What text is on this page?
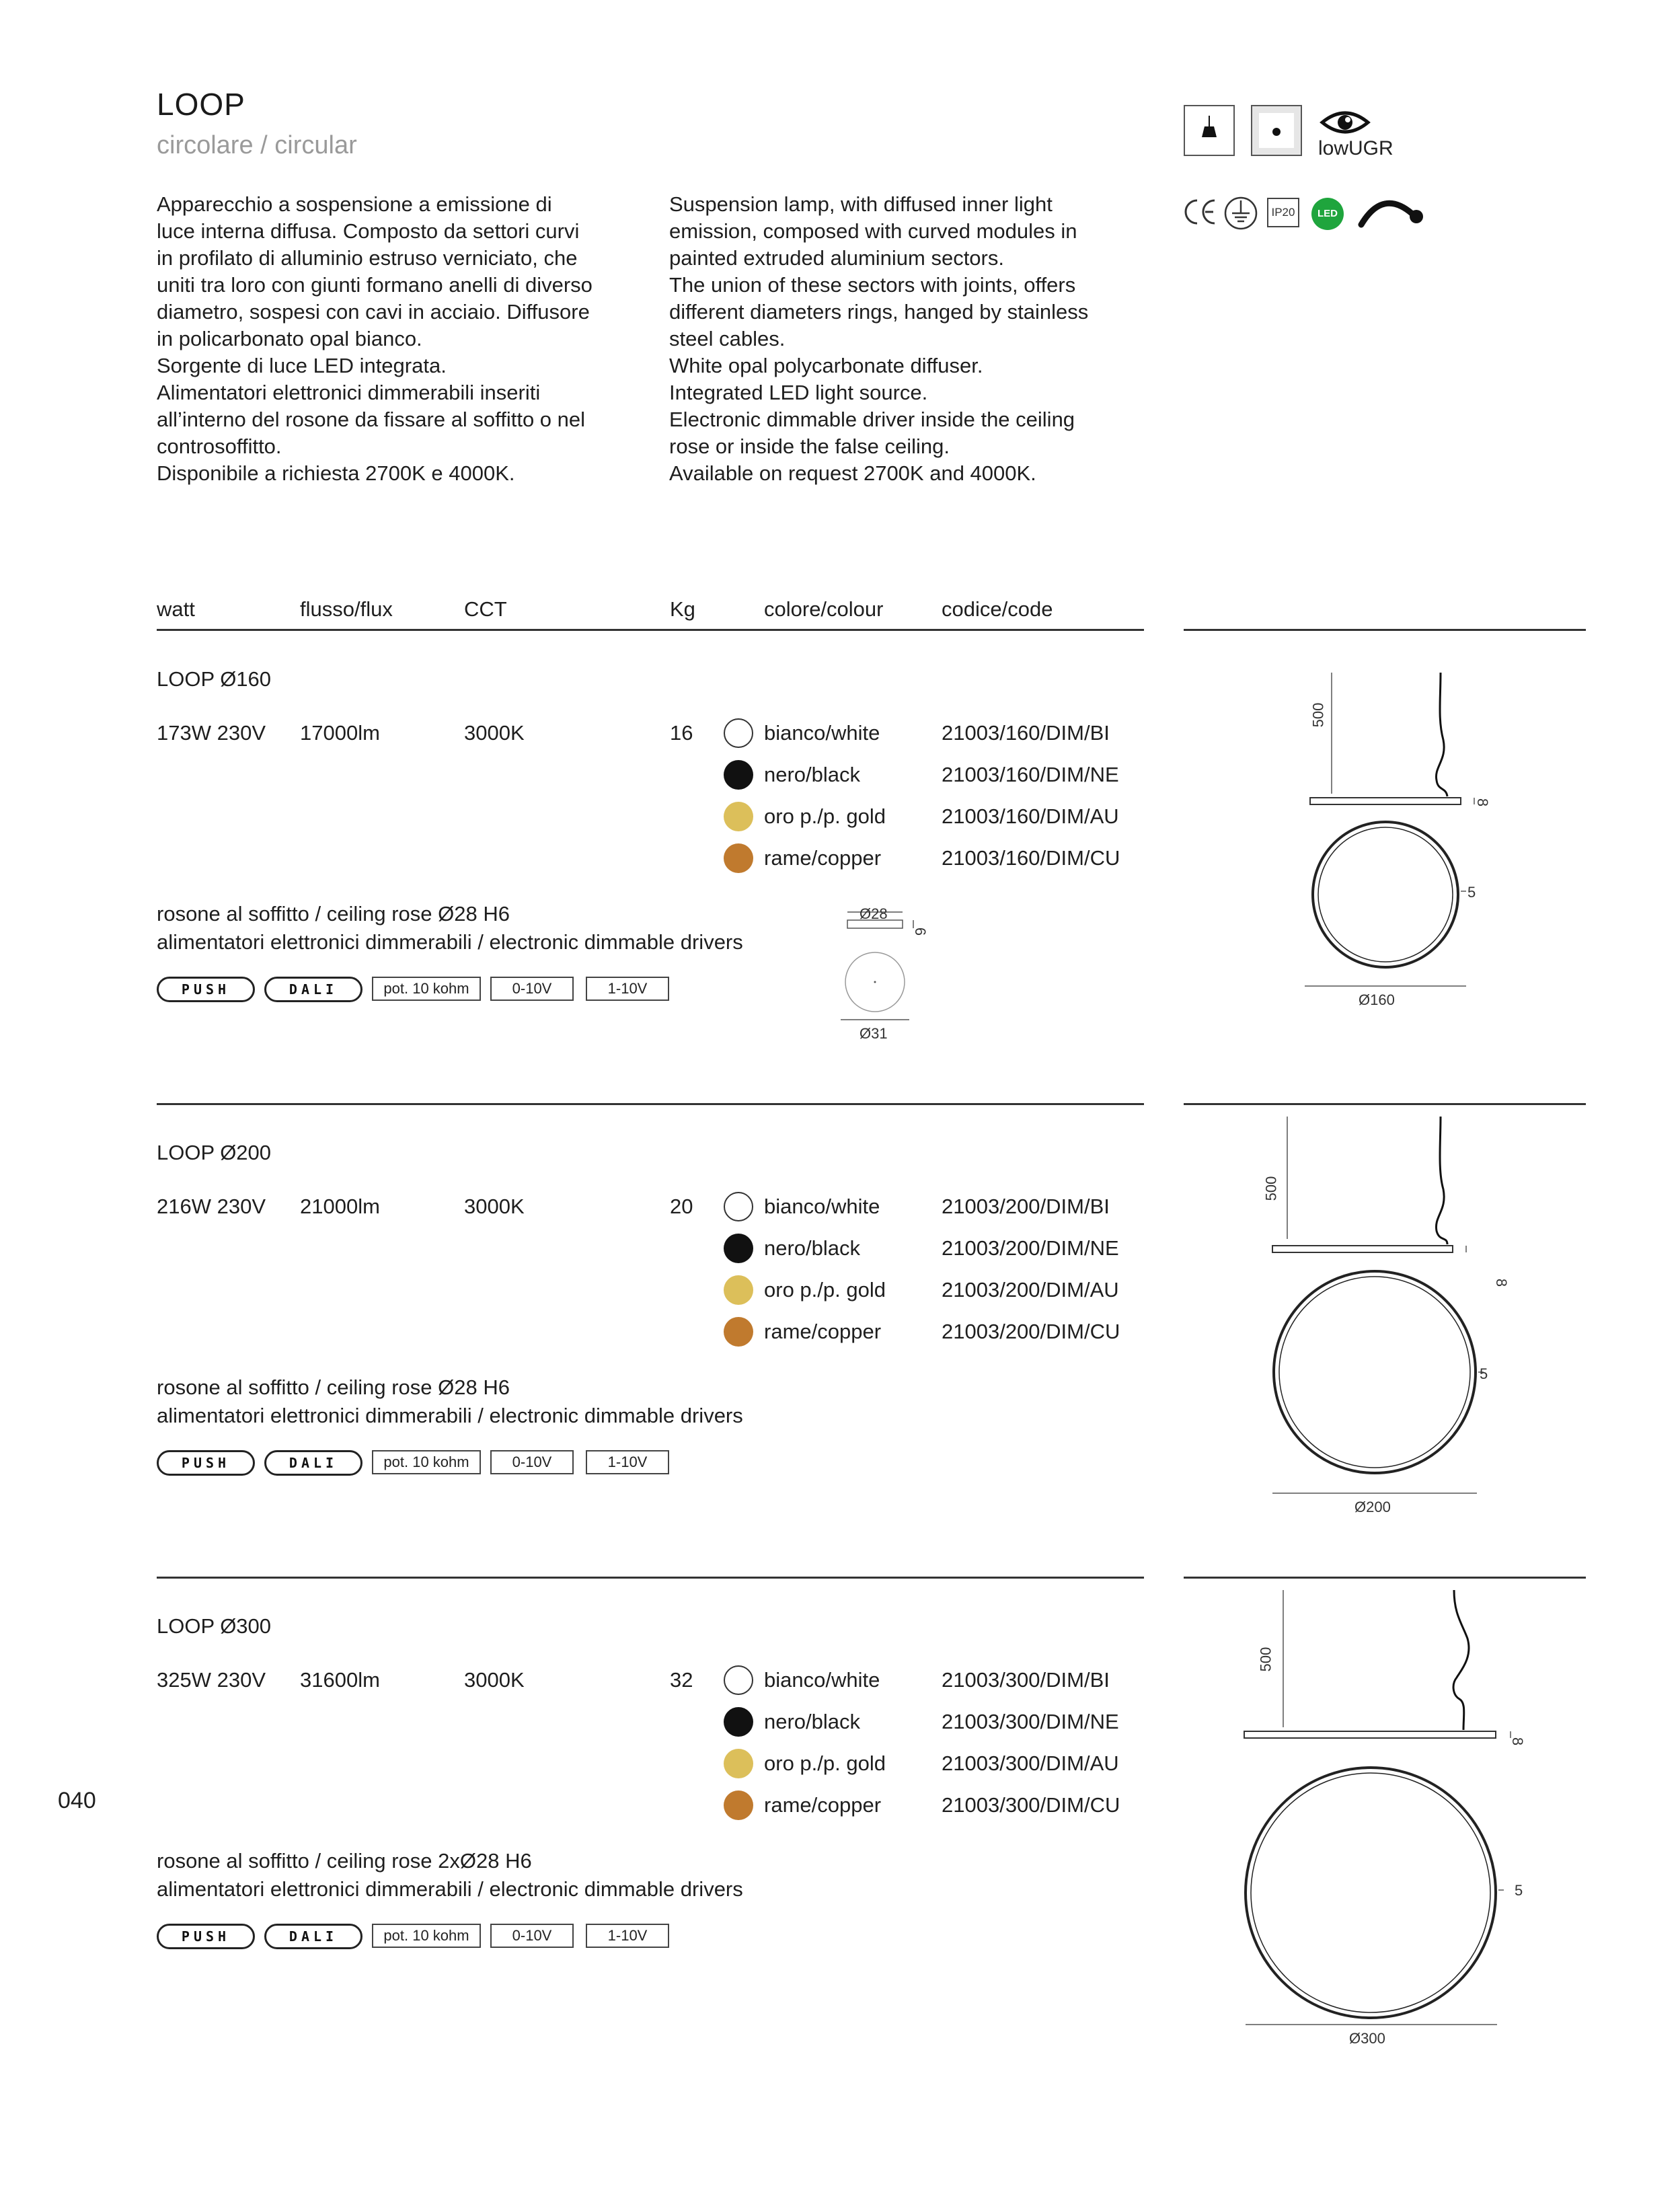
LOOP
circolare / circular

Apparecchio a sospensione a emissione di
luce interna diffusa. Composto da settori curvi
in profilato di alluminio estruso verniciato, che
uniti tra loro con giunti formano anelli di diverso
diametro, sospesi con cavi in acciaio. Diffusore
in policarbonato opal bianco.
Sorgente di luce LED integrata.
Alimentatori elettronici dimmerabili inseriti
all’interno del rosone da fissare al soffitto o nel
controsoffitto.
Disponibile a richiesta 2700K e 4000K.

Suspension lamp, with diffused inner light
emission, composed with curved modules in
painted extruded aluminium sectors.
The union of these sectors with joints, offers
different diameters rings, hanged by stainless
steel cables.
White opal polycarbonate diffuser.
Integrated LED light source.
Electronic dimmable driver inside the ceiling
rose or inside the false ceiling.
Available on request 2700K and 4000K.

lowUGR
IP20	LED
watt	flusso/flux	CCT	Kg	colore/colour	codice/code
LOOP Ø160
173W 230V 17000lm	3000K	16	bianco/white	21003/160/DIM/BI
nero/black	21003/160/DIM/NE
oro p./p. gold	21003/160/DIM/AU
rame/copper	21003/160/DIM/CU
rosone al soffitto / ceiling rose Ø28 H6
alimentatori elettronici dimmerabili / electronic dimmable drivers
PUSH	DALI	pot. 10 kohm	0-10V	1-10V
Ø28
6
Ø31
500
8
5
Ø160
LOOP Ø200
216W 230V 21000lm	3000K	20	bianco/white	21003/200/DIM/BI
nero/black	21003/200/DIM/NE
oro p./p. gold	21003/200/DIM/AU
rame/copper	21003/200/DIM/CU
rosone al soffitto / ceiling rose Ø28 H6
alimentatori elettronici dimmerabili / electronic dimmable drivers
PUSH	DALI	pot. 10 kohm	0-10V	1-10V
500
8
5
Ø200
LOOP Ø300
325W 230V 31600lm	3000K	32	bianco/white	21003/300/DIM/BI
nero/black	21003/300/DIM/NE
oro p./p. gold	21003/300/DIM/AU
rame/copper	21003/300/DIM/CU
rosone al soffitto / ceiling rose 2xØ28 H6
alimentatori elettronici dimmerabili / electronic dimmable drivers
PUSH	DALI	pot. 10 kohm	0-10V	1-10V
500
8
5
Ø300
040
